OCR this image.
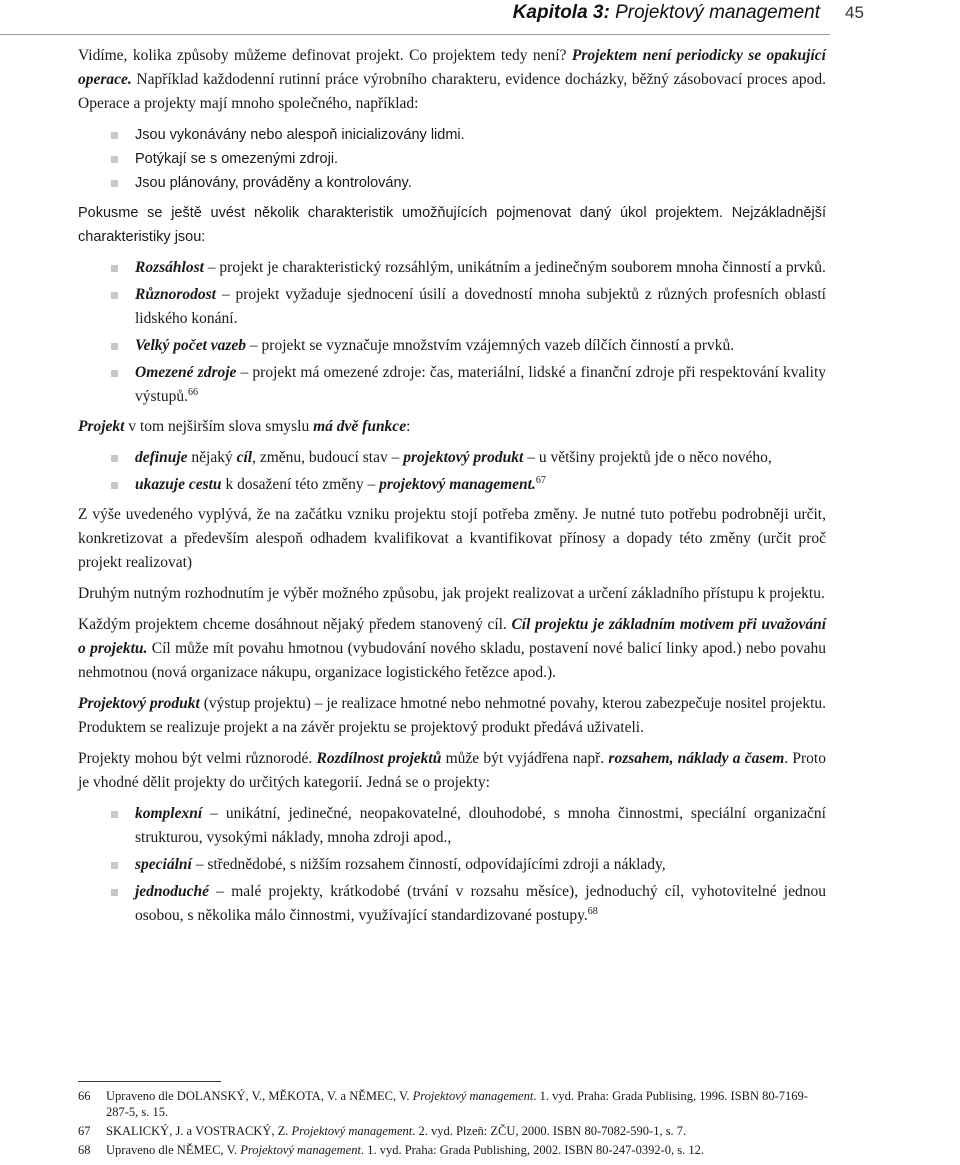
Kapitola 3: Projektový management 45

Vidíme, kolika způsoby můžeme definovat projekt. Co projektem tedy není? Projektem není periodicky se opakující operace. Například každodenní rutinní práce výrobního charakteru, evidence docházky, běžný zásobovací proces apod. Operace a projekty mají mnoho společného, například:

Jsou vykonávány nebo alespoň inicializovány lidmi.
Potýkají se s omezenými zdroji.
Jsou plánovány, prováděny a kontrolovány.

Pokusme se ještě uvést několik charakteristik umožňujících pojmenovat daný úkol projektem. Nejzákladnější charakteristiky jsou:

Rozsáhlost – projekt je charakteristický rozsáhlým, unikátním a jedinečným souborem mnoha činností a prvků.
Různorodost – projekt vyžaduje sjednocení úsilí a dovedností mnoha subjektů z různých profesních oblastí lidského konání.
Velký počet vazeb – projekt se vyznačuje množstvím vzájemných vazeb dílčích činností a prvků.
Omezené zdroje – projekt má omezené zdroje: čas, materiální, lidské a finanční zdroje při respektování kvality výstupů.$^{66}$

Projekt v tom nejširším slova smyslu má dvě funkce:

definuje nějaký cíl, změnu, budoucí stav – projektový produkt – u většiny projektů jde o něco nového,
ukazuje cestu k dosažení této změny – projektový management.$^{67}$

Z výše uvedeného vyplývá, že na začátku vzniku projektu stojí potřeba změny. Je nutné tuto potřebu podrobněji určit, konkretizovat a především alespoň odhadem kvalifikovat a kvantifikovat přínosy a dopady této změny (určit proč projekt realizovat)

Druhým nutným rozhodnutím je výběr možného způsobu, jak projekt realizovat a určení základního přístupu k projektu.

Každým projektem chceme dosáhnout nějaký předem stanovený cíl. Cíl projektu je základním motivem při uvažování o projektu. Cíl může mít povahu hmotnou (vybudování nového skladu, postavení nové balicí linky apod.) nebo povahu nehmotnou (nová organizace nákupu, organizace logistického řetězce apod.).

Projektový produkt (výstup projektu) – je realizace hmotné nebo nehmotné povahy, kterou zabezpečuje nositel projektu. Produktem se realizuje projekt a na závěr projektu se projektový produkt předává uživateli.

Projekty mohou být velmi různorodé. Rozdílnost projektů může být vyjádřena např. rozsahem, náklady a časem. Proto je vhodné dělit projekty do určitých kategorií. Jedná se o projekty:

komplexní – unikátní, jedinečné, neopakovatelné, dlouhodobé, s mnoha činnostmi, speciální organizační strukturou, vysokými náklady, mnoha zdroji apod.,
speciální – střednědobé, s nižším rozsahem činností, odpovídajícími zdroji a náklady,
jednoduché – malé projekty, krátkodobé (trvání v rozsahu měsíce), jednoduchý cíl, vyhotovitelné jednou osobou, s několika málo činnostmi, využívající standardizované postupy.$^{68}$
66 Upraveno dle DOLANSKÝ, V., MĚKOTA, V. a NĚMEC, V. Projektový management. 1. vyd. Praha: Grada Publising, 1996. ISBN 80-7169-287-5, s. 15.
67 SKALICKÝ, J. a VOSTRACKÝ, Z. Projektový management. 2. vyd. Plzeň: ZČU, 2000. ISBN 80-7082-590-1, s. 7.
68 Upraveno dle NĚMEC, V. Projektový management. 1. vyd. Praha: Grada Publishing, 2002. ISBN 80-247-0392-0, s. 12.
